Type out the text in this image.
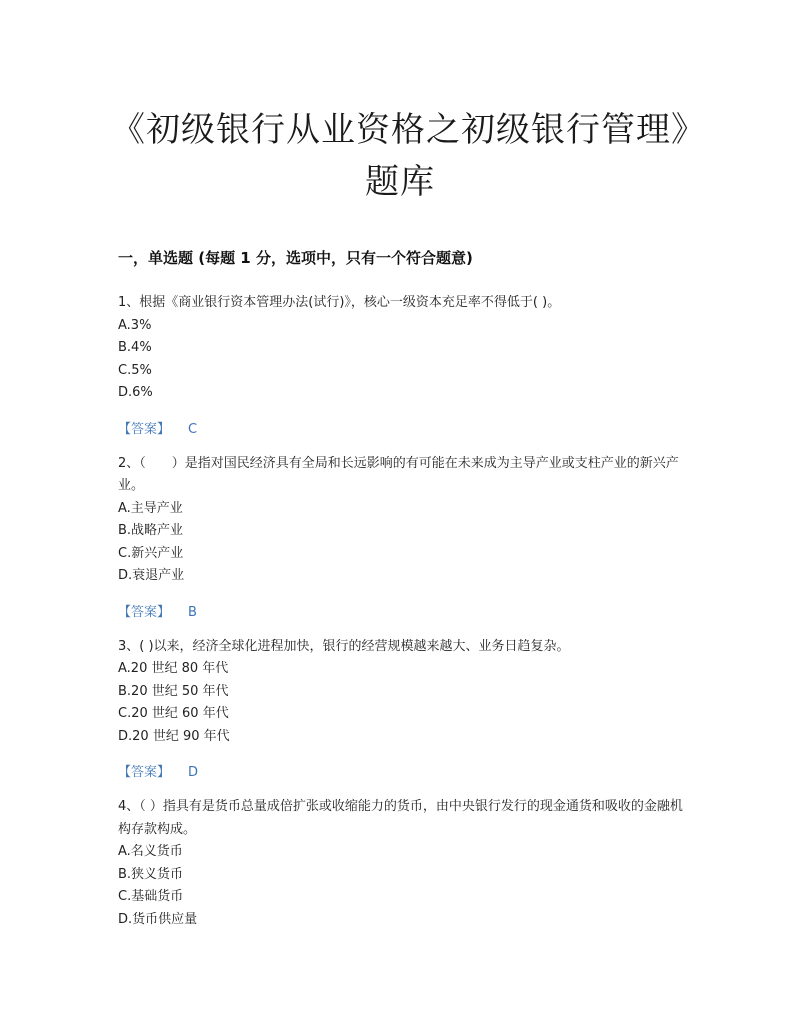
《初级银行从业资格之初级银行管理》题库
一，单选题 (每题 1 分，选项中，只有一个符合题意)
1、根据《商业银行资本管理办法(试行)》，核心一级资本充足率不得低于( )。
A.3%
B.4%
C.5%
D.6%
【答案】 C
2、（　　）是指对国民经济具有全局和长远影响的有可能在未来成为主导产业或支柱产业的新兴产业。
A.主导产业
B.战略产业
C.新兴产业
D.衰退产业
【答案】 B
3、( )以来，经济全球化进程加快，银行的经营规模越来越大、业务日趋复杂。
A.20 世纪 80 年代
B.20 世纪 50 年代
C.20 世纪 60 年代
D.20 世纪 90 年代
【答案】 D
4、（ ）指具有是货币总量成倍扩张或收缩能力的货币，由中央银行发行的现金通货和吸收的金融机构存款构成。
A.名义货币
B.狭义货币
C.基础货币
D.货币供应量
